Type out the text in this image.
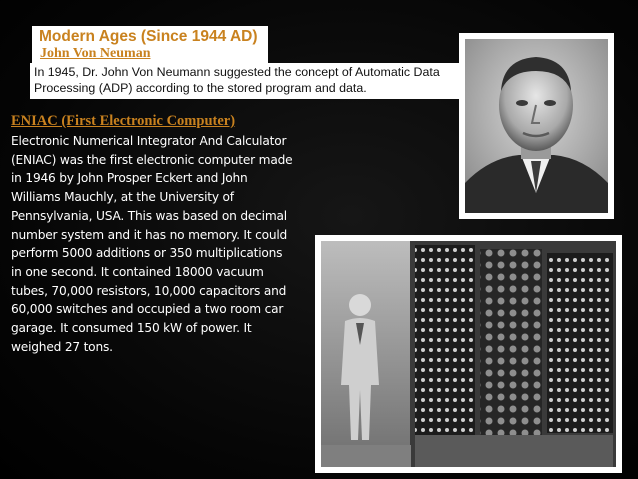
Modern Ages (Since 1944 AD)
John Von Neuman
In 1945, Dr. John Von Neumann suggested the concept of Automatic Data Processing (ADP) according to the stored program and data.
ENIAC (First Electronic Computer)
Electronic Numerical Integrator And Calculator (ENIAC) was the first electronic computer made in 1946 by John Prosper Eckert and John Williams Mauchly, at the University of Pennsylvania, USA. This was based on decimal number system and it has no memory. It could perform 5000 additions or 350 multiplications in one second. It contained 18000 vacuum tubes, 70,000 resistors, 10,000 capacitors and 60,000 switches and occupied a two room car garage. It consumed 150 kW of power. It weighed 27 tons.
